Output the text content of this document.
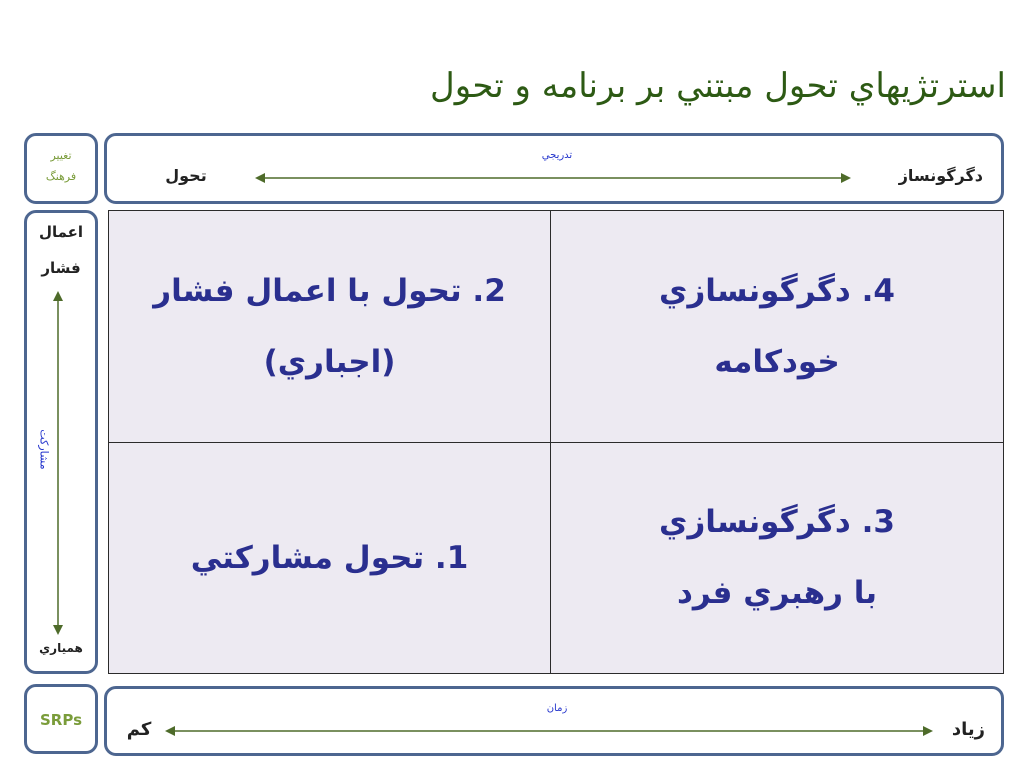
استرتژيهاي تحول مبتني بر برنامه و تحول
تغيير
فرهنگ
تدريجي
تحول	دگرگونساز
اعمال
فشار
مشاركت
همياري
2. تحول با اعمال فشار
(اجباري)
4. دگرگونسازي
خودكامه
1. تحول مشاركتي
3. دگرگونسازي
با رهبري فرد
SRPs
زمان
كم	زياد
